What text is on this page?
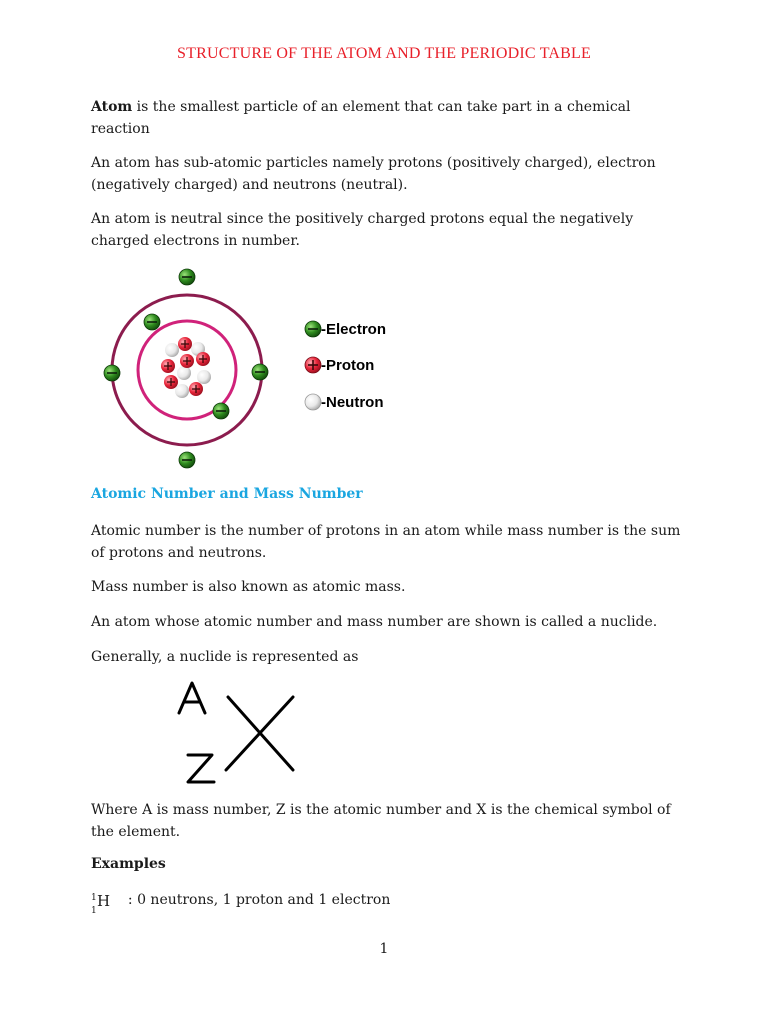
STRUCTURE OF THE ATOM AND THE PERIODIC TABLE
Atom is the smallest particle of an element that can take part in a chemical reaction
An atom has sub-atomic particles namely protons (positively charged), electron (negatively charged) and neutrons (neutral).
An atom is neutral since the positively charged protons equal the negatively charged electrons in number.
-Electron
-Proton
-Neutron
Atomic Number and Mass Number
Atomic number is the number of protons in an atom while mass number is the sum of protons and neutrons.
Mass number is also known as atomic mass.
An atom whose atomic number and mass number are shown is called a nuclide.
Generally, a nuclide is represented as
Where A is mass number, Z is the atomic number and X is the chemical symbol of the element.
Examples
1
1
H : 0 neutrons, 1 proton and 1 electron
1
